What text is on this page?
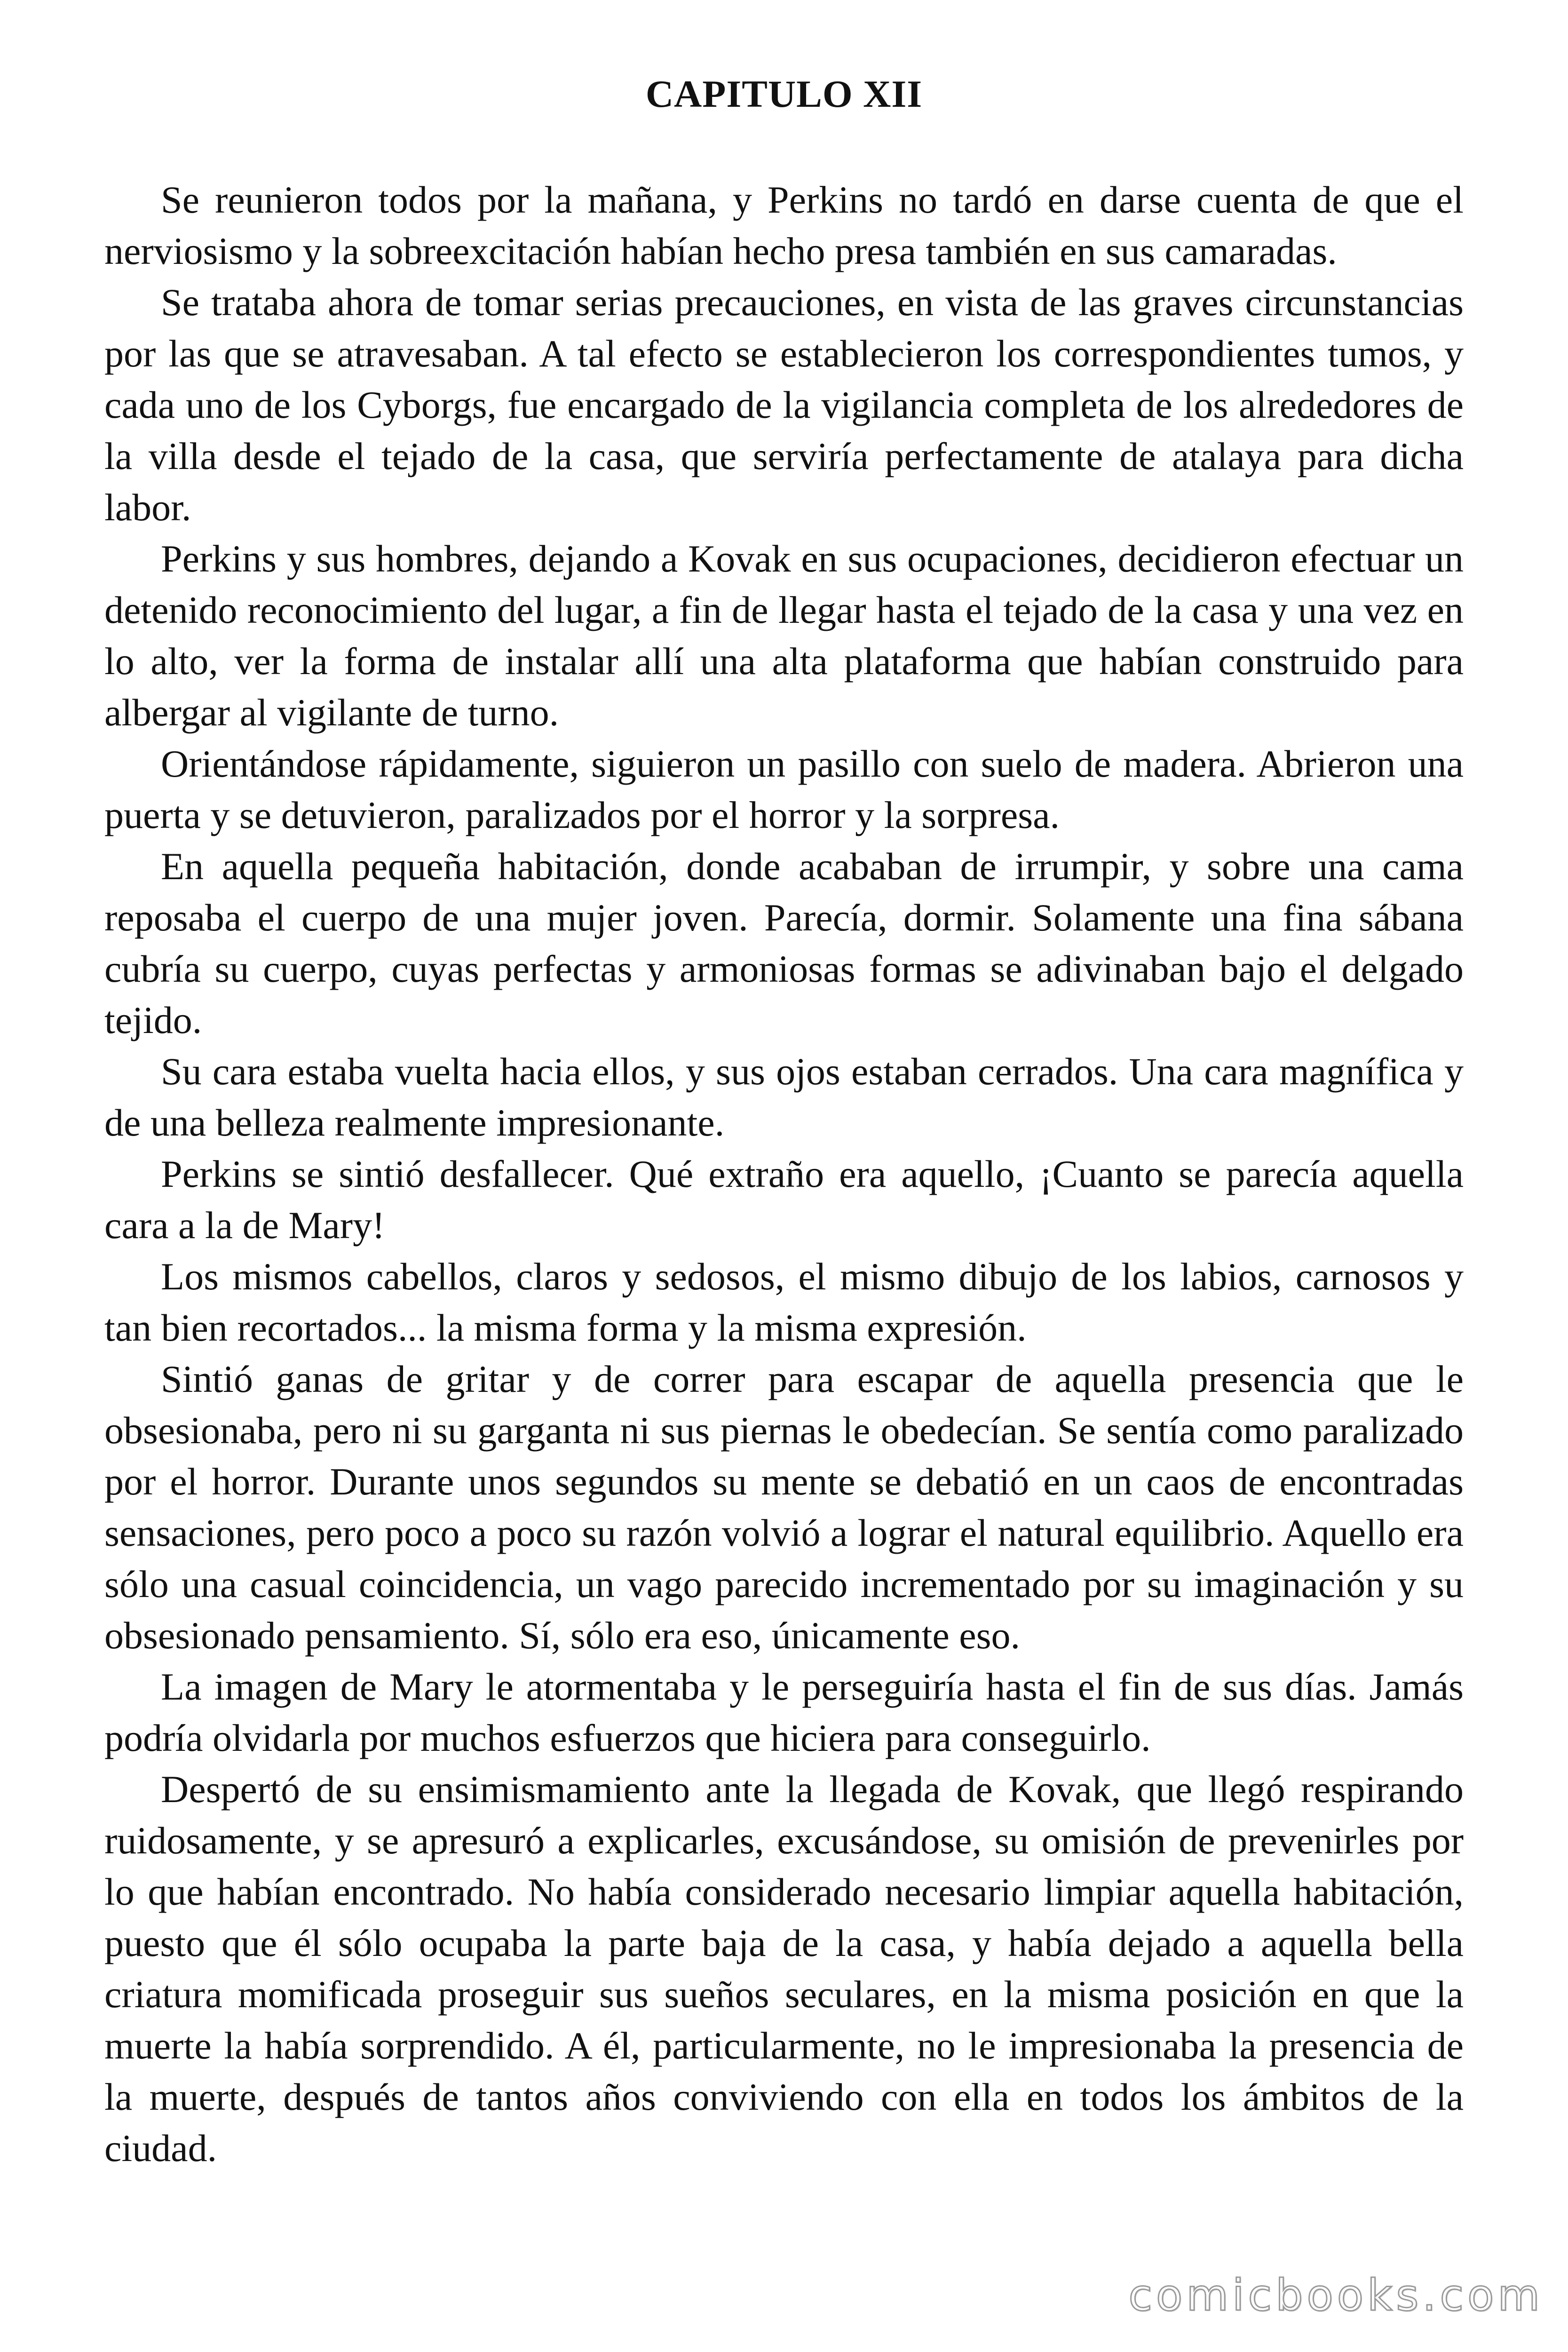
CAPITULO XII

Se reunieron todos por la mañana, y Perkins no tardó en darse cuenta de que el nerviosismo y la sobreexcitación habían hecho presa también en sus camaradas.

Se trataba ahora de tomar serias precauciones, en vista de las graves circunstancias por las que se atravesaban. A tal efecto se establecieron los correspondientes tumos, y cada uno de los Cyborgs, fue encargado de la vigilancia completa de los alrededores de la villa desde el tejado de la casa, que serviría perfectamente de atalaya para dicha labor.

Perkins y sus hombres, dejando a Kovak en sus ocupaciones, decidieron efectuar un detenido reconocimiento del lugar, a fin de llegar hasta el tejado de la casa y una vez en lo alto, ver la forma de instalar allí una alta plataforma que habían construido para albergar al vigilante de turno.

Orientándose rápidamente, siguieron un pasillo con suelo de madera. Abrieron una puerta y se detuvieron, paralizados por el horror y la sorpresa.

En aquella pequeña habitación, donde acababan de irrumpir, y sobre una cama reposaba el cuerpo de una mujer joven. Parecía, dormir. Solamente una fina sábana cubría su cuerpo, cuyas perfectas y armoniosas formas se adivinaban bajo el delgado tejido.

Su cara estaba vuelta hacia ellos, y sus ojos estaban cerrados. Una cara magnífica y de una belleza realmente impresionante.

Perkins se sintió desfallecer. Qué extraño era aquello, ¡Cuanto se parecía aquella cara a la de Mary!

Los mismos cabellos, claros y sedosos, el mismo dibujo de los labios, carnosos y tan bien recortados... la misma forma y la misma expresión.

Sintió ganas de gritar y de correr para escapar de aquella presencia que le obsesionaba, pero ni su garganta ni sus piernas le obedecían. Se sentía como paralizado por el horror. Durante unos segundos su mente se debatió en un caos de encontradas sensaciones, pero poco a poco su razón volvió a lograr el natural equilibrio. Aquello era sólo una casual coincidencia, un vago parecido incrementado por su imaginación y su obsesionado pensamiento. Sí, sólo era eso, únicamente eso.

La imagen de Mary le atormentaba y le perseguiría hasta el fin de sus días. Jamás podría olvidarla por muchos esfuerzos que hiciera para conseguirlo.

Despertó de su ensimismamiento ante la llegada de Kovak, que llegó respirando ruidosamente, y se apresuró a explicarles, excusándose, su omisión de prevenirles por lo que habían encontrado. No había considerado necesario limpiar aquella habitación, puesto que él sólo ocupaba la parte baja de la casa, y había dejado a aquella bella criatura momificada proseguir sus sueños seculares, en la misma posición en que la muerte la había sorprendido. A él, particularmente, no le impresionaba la presencia de la muerte, después de tantos años conviviendo con ella en todos los ámbitos de la ciudad.

comicbooks.com
